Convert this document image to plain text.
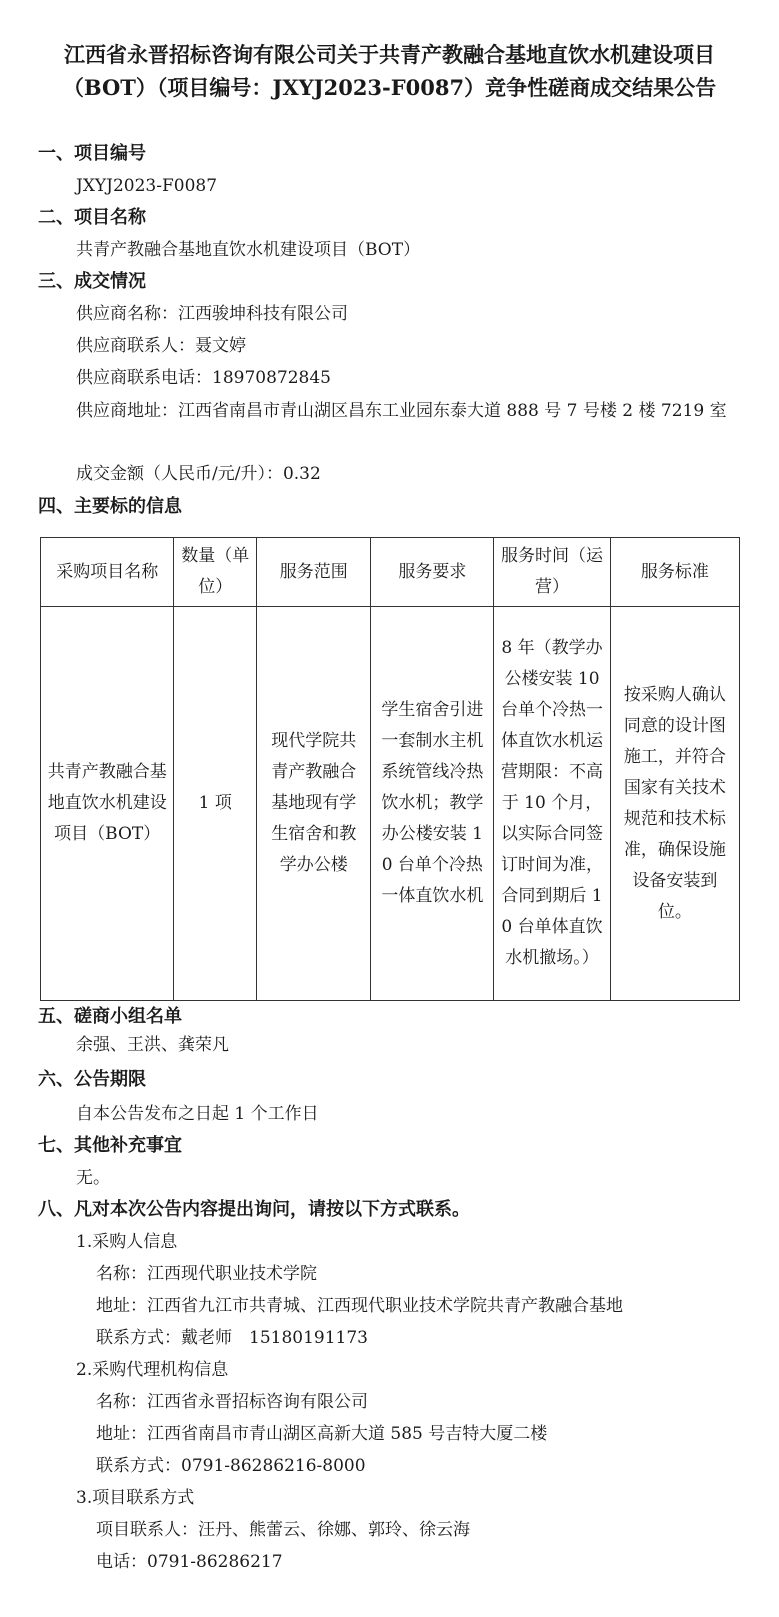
江西省永晋招标咨询有限公司关于共青产教融合基地直饮水机建设项目（BOT）（项目编号：JXYJ2023-F0087）竞争性磋商成交结果公告
一、项目编号
JXYJ2023-F0087
二、项目名称
共青产教融合基地直饮水机建设项目（BOT）
三、成交情况
供应商名称：江西骏坤科技有限公司
供应商联系人：聂文婷
供应商联系电话：18970872845
供应商地址：江西省南昌市青山湖区昌东工业园东泰大道 888 号 7 号楼 2 楼 7219 室
成交金额（人民币/元/升）：0.32
四、主要标的信息
采购项目名称	数量（单位）	服务范围	服务要求	服务时间（运营）	服务标准
共青产教融合基地直饮水机建设项目（BOT）	1 项	现代学院共青产教融合基地现有学生宿舍和教学办公楼	学生宿舍引进一套制水主机系统管线冷热饮水机；教学办公楼安装 10 台单个冷热一体直饮水机	8 年（教学办公楼安装 10 台单个冷热一体直饮水机运营期限：不高于 10 个月，以实际合同签订时间为准，合同到期后 10 台单体直饮水机撤场。）	按采购人确认同意的设计图施工，并符合国家有关技术规范和技术标准，确保设施设备安装到位。
五、磋商小组名单
余强、王洪、龚荣凡
六、公告期限
自本公告发布之日起 1 个工作日
七、其他补充事宜
无。
八、凡对本次公告内容提出询问，请按以下方式联系。
1.采购人信息
名称：江西现代职业技术学院
地址：江西省九江市共青城、江西现代职业技术学院共青产教融合基地
联系方式：戴老师　15180191173
2.采购代理机构信息
名称：江西省永晋招标咨询有限公司
地址：江西省南昌市青山湖区高新大道 585 号吉特大厦二楼
联系方式：0791-86286216-8000
3.项目联系方式
项目联系人：汪丹、熊蕾云、徐娜、郭玲、徐云海
电话：0791-86286217
